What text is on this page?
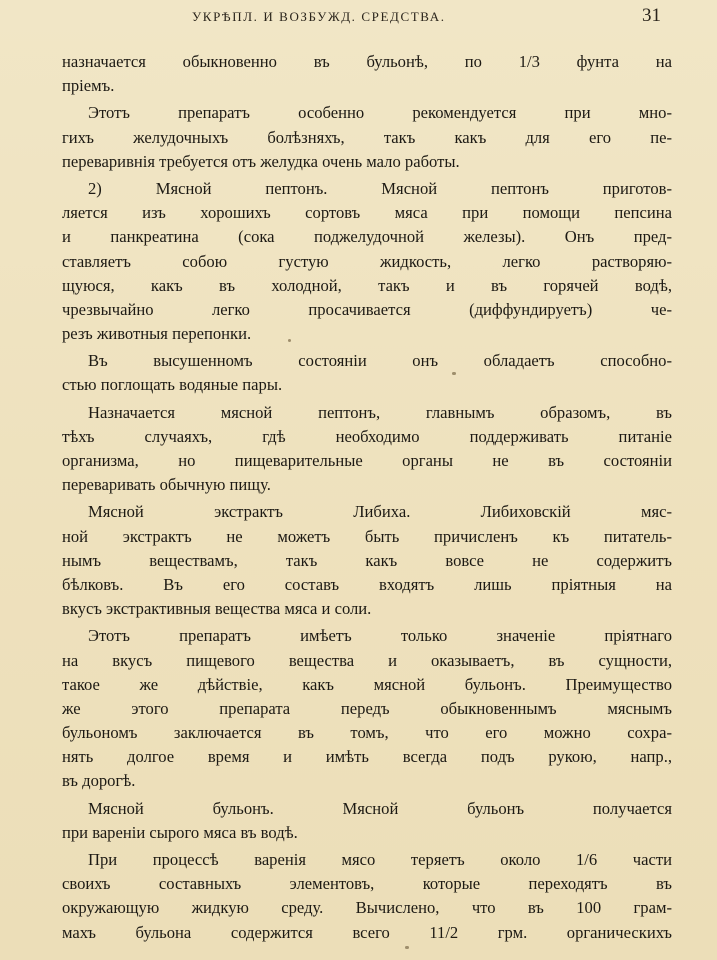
УКРѢПЛ. И ВОЗБУЖД. СРЕДСТВА.	31
назначается обыкновенно въ бульонѣ, по 1/3 фунта на
пріемъ.
Этотъ препаратъ особенно рекомендуется при мно-
гихъ желудочныхъ болѣзняхъ, такъ какъ для его пе-
переваривнія требуется отъ желудка очень мало работы.
2) Мясной пептонъ. Мясной пептонъ приготов-
ляется изъ хорошихъ сортовъ мяса при помощи пепсина
и панкреатина (сока поджелудочной железы). Онъ пред-
ставляетъ собою густую жидкость, легко растворяю-
щуюся, какъ въ холодной, такъ и въ горячей водѣ,
чрезвычайно легко просачивается (диффундируетъ) че-
резъ животныя перепонки.
Въ высушенномъ состояніи онъ обладаетъ способно-
стью поглощать водяные пары.
Назначается мясной пептонъ, главнымъ образомъ, въ
тѣхъ случаяхъ, гдѣ необходимо поддерживать питаніе
организма, но пищеварительные органы не въ состояніи
переваривать обычную пищу.
Мясной экстрактъ Либиха. Либиховскій мяс-
ной экстрактъ не можетъ быть причисленъ къ питатель-
нымъ веществамъ, такъ какъ вовсе не содержитъ
бѣлковъ. Въ его составъ входятъ лишь пріятныя на
вкусъ экстрактивныя вещества мяса и соли.
Этотъ препаратъ имѣетъ только значеніе пріятнаго
на вкусъ пищевого вещества и оказываетъ, въ сущности,
такое же дѣйствіе, какъ мясной бульонъ. Преимущество
же этого препарата передъ обыкновеннымъ мяснымъ
бульономъ заключается въ томъ, что его можно сохра-
нять долгое время и имѣть всегда подъ рукою, напр.,
въ дорогѣ.
Мясной бульонъ. Мясной бульонъ получается
при вареніи сырого мяса въ водѣ.
При процессѣ варенія мясо теряетъ около 1/6 части
своихъ составныхъ элементовъ, которые переходятъ въ
окружающую жидкую среду. Вычислено, что въ 100 грам-
махъ бульона содержится всего 11/2 грм. органическихъ
